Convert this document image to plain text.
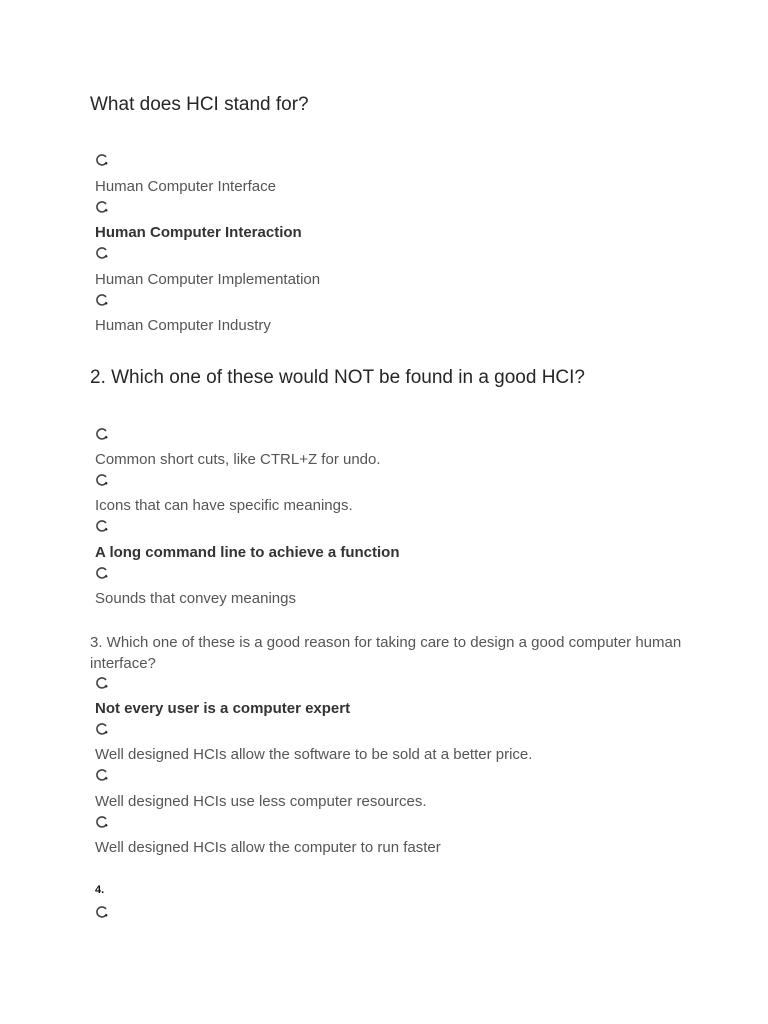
What does HCI stand for?
Human Computer Interface
Human Computer Interaction
Human Computer Implementation
Human Computer Industry
2. Which one of these would NOT be found in a good HCI?
Common short cuts, like CTRL+Z for undo.
Icons that can have specific meanings.
A long command line to achieve a function
Sounds that convey meanings
3. Which one of these is a good reason for taking care to design a good computer human interface?
Not every user is a computer expert
Well designed HCIs allow the software to be sold at a better price.
Well designed HCIs use less computer resources.
Well designed HCIs allow the computer to run faster
4.
